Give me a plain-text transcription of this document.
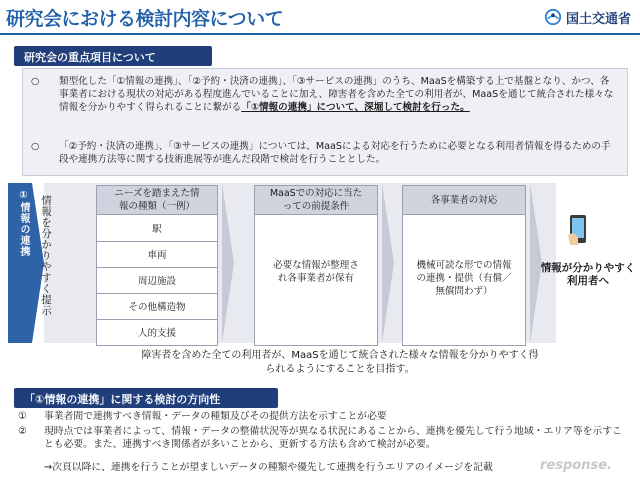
研究会における検討内容について	国土交通省
研究会の重点項目について
○ 類型化した「①情報の連携」、「②予約・決済の連携」、「③サービスの連携」のうち、MaaSを構築する上で基盤となり、かつ、各事業者における現状の対応がある程度進んでいることに加え、障害者を含めた全ての利用者が、MaaSを通じて統合された様々な情報を分かりやすく得られることに繋がる「①情報の連携」について、深堀して検討を行った。
○ 「②予約・決済の連携」、「③サービスの連携」については、MaaSによる対応を行うために必要となる利用者情報を得るための手段や連携方法等に関する技術進展等が進んだ段階で検討を行うこととした。
①情報の連携	情報を分かりやすく提示
ニーズを踏まえた情報の種類（一例）
駅
車両
周辺施設
その他構造物
人的支援
MaaSでの対応に当たっての前提条件
必要な情報が整理され各事業者が保有
各事業者の対応
機械可読な形での情報の連携・提供（有償／無償問わず）
情報が分かりやすく利用者へ
障害者を含めた全ての利用者が、MaaSを通じて統合された様々な情報を分かりやすく得られるようにすることを目指す。
「①情報の連携」に関する検討の方向性
① 事業者間で連携すべき情報・データの種類及びその提供方法を示すことが必要
② 現時点では事業者によって、情報・データの整備状況等が異なる状況にあることから、連携を優先して行う地域・エリア等を示すことも必要。また、連携すべき関係者が多いことから、更新する方法も含めて検討が必要。
→次頁以降に、連携を行うことが望ましいデータの種類や優先して連携を行うエリアのイメージを記載	response.
